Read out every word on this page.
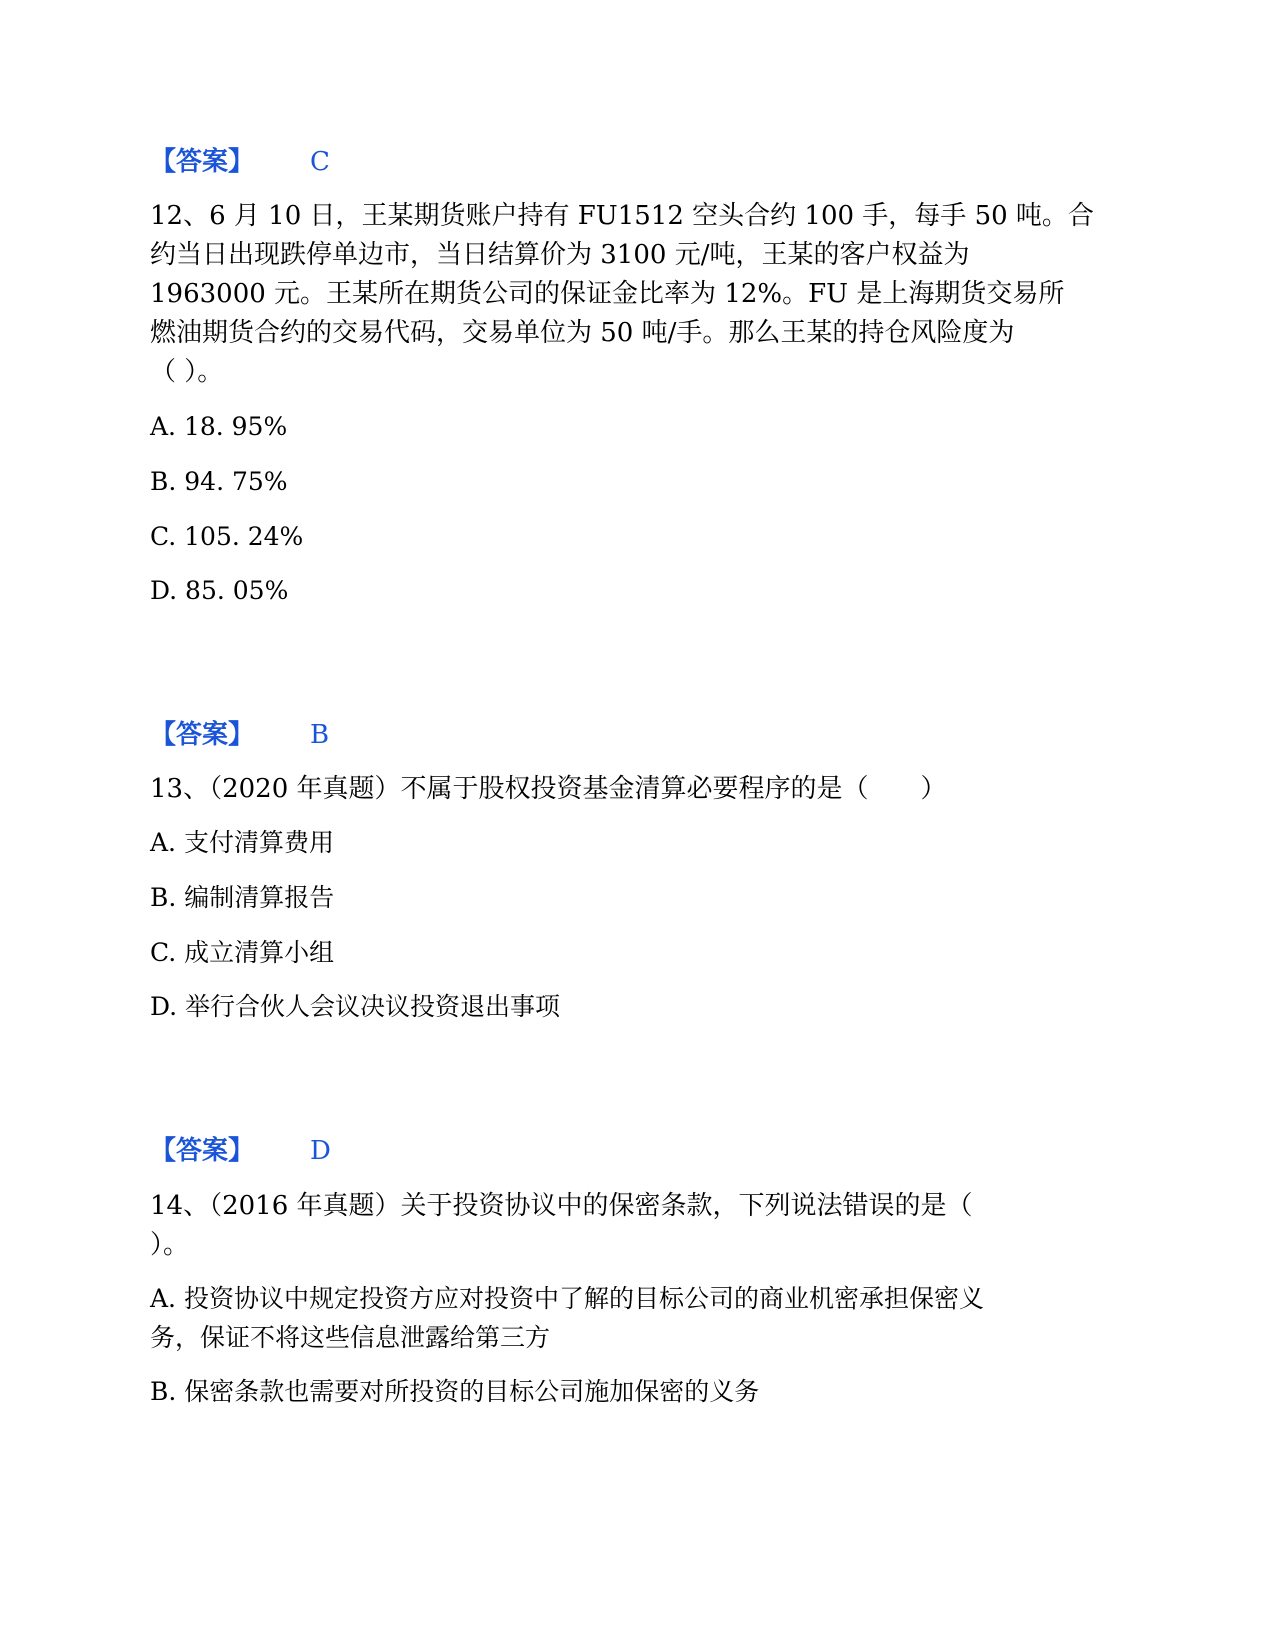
【答案】 C
12、6 月 10 日，王某期货账户持有 FU1512 空头合约 100 手，每手 50 吨。合
约当日出现跌停单边市，当日结算价为 3100 元/吨，王某的客户权益为
1963000 元。王某所在期货公司的保证金比率为 12%。FU 是上海期货交易所
燃油期货合约的交易代码，交易单位为 50 吨/手。那么王某的持仓风险度为
（ ）。
A. 18. 95%
B. 94. 75%
C. 105. 24%
D. 85. 05%
【答案】 B
13、（2020 年真题）不属于股权投资基金清算必要程序的是（　　）
A. 支付清算费用
B. 编制清算报告
C. 成立清算小组
D. 举行合伙人会议决议投资退出事项
【答案】 D
14、（2016 年真题）关于投资协议中的保密条款，下列说法错误的是（
）。
A. 投资协议中规定投资方应对投资中了解的目标公司的商业机密承担保密义
务，保证不将这些信息泄露给第三方
B. 保密条款也需要对所投资的目标公司施加保密的义务
